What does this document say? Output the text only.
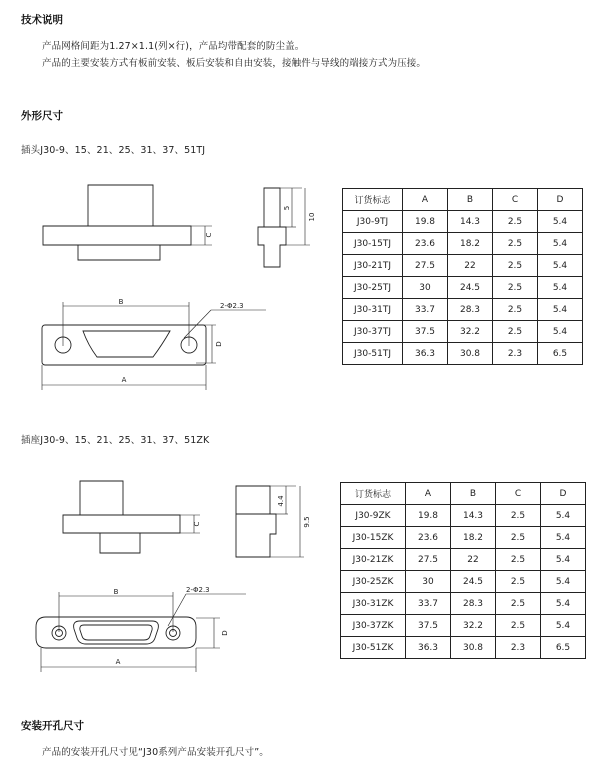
技术说明
产品网格间距为1.27×1.1(列×行)，产品均带配套的防尘盖。
产品的主要安装方式有板前安装、板后安装和自由安装，接触件与导线的端接方式为压接。
外形尺寸
插头J30-9、15、21、25、31、37、51TJ
C
5
10
B	2-Φ2.3
D
A
订货标志	A	B	C	D
J30-9TJ	19.8	14.3	2.5	5.4
J30-15TJ	23.6	18.2	2.5	5.4
J30-21TJ	27.5	22	2.5	5.4
J30-25TJ	30	24.5	2.5	5.4
J30-31TJ	33.7	28.3	2.5	5.4
J30-37TJ	37.5	32.2	2.5	5.4
J30-51TJ	36.3	30.8	2.3	6.5
插座J30-9、15、21、25、31、37、51ZK
C
4.4
9.5
B	2-Φ2.3
D
A
订货标志	A	B	C	D
J30-9ZK	19.8	14.3	2.5	5.4
J30-15ZK	23.6	18.2	2.5	5.4
J30-21ZK	27.5	22	2.5	5.4
J30-25ZK	30	24.5	2.5	5.4
J30-31ZK	33.7	28.3	2.5	5.4
J30-37ZK	37.5	32.2	2.5	5.4
J30-51ZK	36.3	30.8	2.3	6.5
安装开孔尺寸
产品的安装开孔尺寸见“J30系列产品安装开孔尺寸”。
